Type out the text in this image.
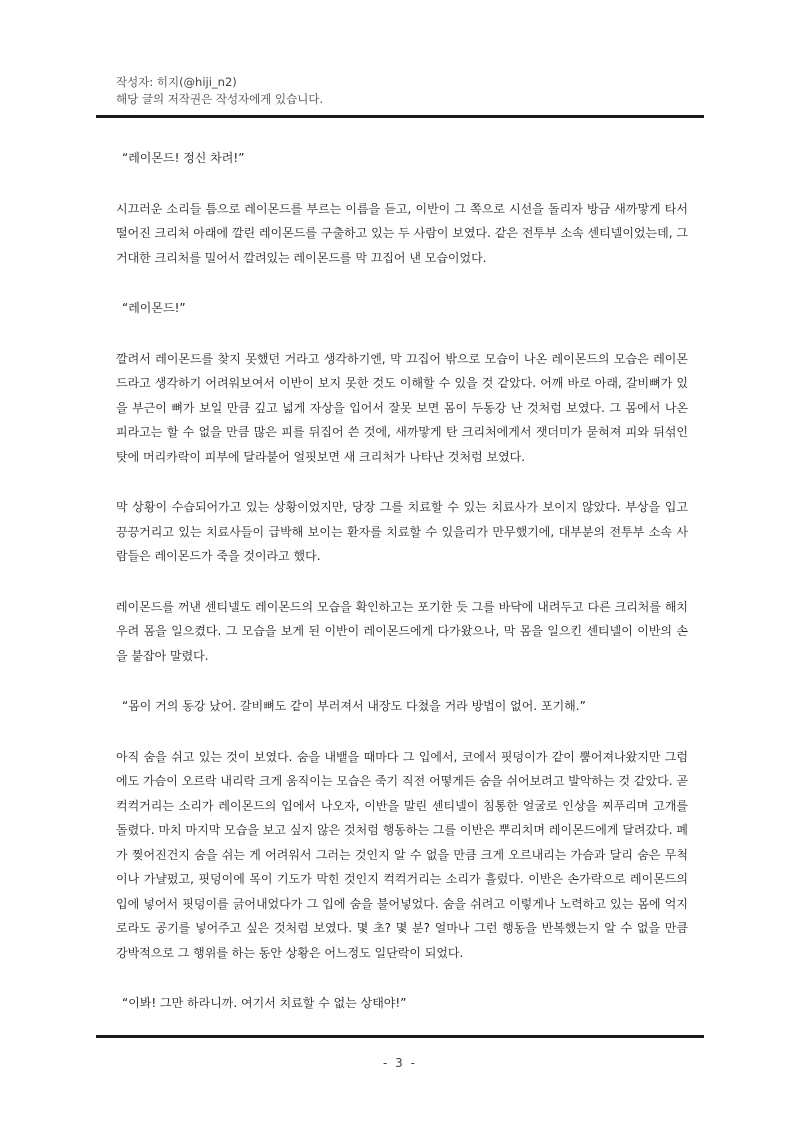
작성자: 히지(@hiji_n2)
해당 글의 저작권은 작성자에게 있습니다.

“레이몬드! 정신 차려!”

시끄러운 소리들 틈으로 레이몬드를 부르는 이름을 듣고, 이반이 그 쪽으로 시선을 돌리자 방금 새까맣게 타서 떨어진 크리처 아래에 깔린 레이몬드를 구출하고 있는 두 사람이 보였다. 같은 전투부 소속 센티넬이었는데, 그 거대한 크리처를 밀어서 깔려있는 레이몬드를 막 끄집어 낸 모습이었다.

“레이몬드!”

깔려서 레이몬드를 찾지 못했던 거라고 생각하기엔, 막 끄집어 밖으로 모습이 나온 레이몬드의 모습은 레이몬드라고 생각하기 어려워보여서 이반이 보지 못한 것도 이해할 수 있을 것 같았다. 어깨 바로 아래, 갈비뼈가 있을 부근이 뼈가 보일 만큼 깊고 넓게 자상을 입어서 잘못 보면 몸이 두동강 난 것처럼 보였다. 그 몸에서 나온 피라고는 할 수 없을 만큼 많은 피를 뒤집어 쓴 것에, 새까맣게 탄 크리처에게서 잿더미가 묻혀져 피와 뒤섞인 탓에 머리카락이 피부에 달라붙어 얼핏보면 새 크리처가 나타난 것처럼 보였다.

막 상황이 수습되어가고 있는 상황이었지만, 당장 그를 치료할 수 있는 치료사가 보이지 않았다. 부상을 입고 끙끙거리고 있는 치료사들이 급박해 보이는 환자를 치료할 수 있을리가 만무했기에, 대부분의 전투부 소속 사람들은 레이몬드가 죽을 것이라고 했다.

레이몬드를 꺼낸 센티넬도 레이몬드의 모습을 확인하고는 포기한 듯 그를 바닥에 내려두고 다른 크리처를 해치우려 몸을 일으켰다. 그 모습을 보게 된 이반이 레이몬드에게 다가왔으나, 막 몸을 일으킨 센티넬이 이반의 손을 붙잡아 말렸다.

“몸이 거의 동강 났어. 갈비뼈도 같이 부러져서 내장도 다쳤을 거라 방법이 없어. 포기해.”

아직 숨을 쉬고 있는 것이 보였다. 숨을 내뱉을 때마다 그 입에서, 코에서 핏덩이가 같이 뿜어져나왔지만 그럼에도 가슴이 오르락 내리락 크게 움직이는 모습은 죽기 직전 어떻게든 숨을 쉬어보려고 발악하는 것 같았다. 곧 컥컥거리는 소리가 레이몬드의 입에서 나오자, 이반을 말린 센티넬이 침통한 얼굴로 인상을 찌푸리며 고개를 돌렸다. 마치 마지막 모습을 보고 싶지 않은 것처럼 행동하는 그를 이반은 뿌리치며 레이몬드에게 달려갔다. 폐가 찢어진건지 숨을 쉬는 게 어려워서 그러는 것인지 알 수 없을 만큼 크게 오르내리는 가슴과 달리 숨은 무척이나 가냘펐고, 핏덩이에 목이 기도가 막힌 것인지 컥컥거리는 소리가 흘렀다. 이반은 손가락으로 레이몬드의 입에 넣어서 핏덩이를 긁어내었다가 그 입에 숨을 불어넣었다. 숨을 쉬려고 이렇게나 노력하고 있는 몸에 억지로라도 공기를 넣어주고 싶은 것처럼 보였다. 몇 초? 몇 분? 얼마나 그런 행동을 반복했는지 알 수 없을 만큼 강박적으로 그 행위를 하는 동안 상황은 어느정도 일단락이 되었다.

“이봐! 그만 하라니까. 여기서 치료할 수 없는 상태야!”

- 3 -
